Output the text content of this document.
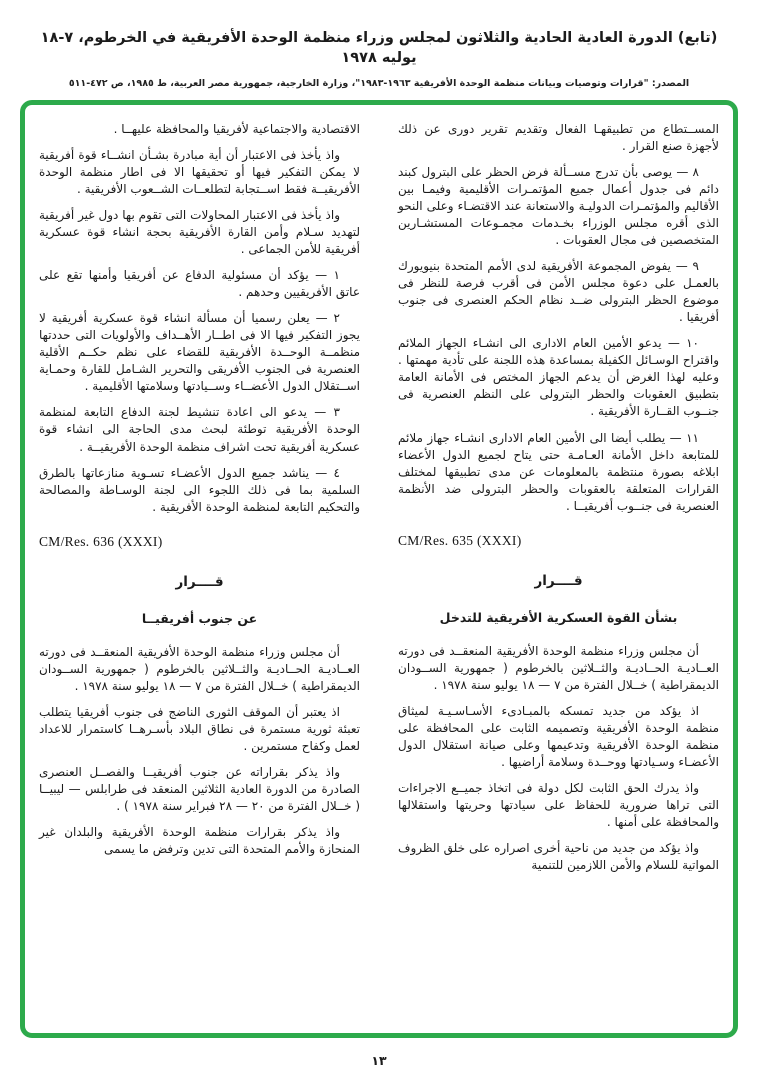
(تابع) الدورة العادية الحادية والثلاثون لمجلس وزراء منظمة الوحدة الأفريقية في الخرطوم، ٧-١٨ يوليه ١٩٧٨
المصدر: "قرارات وتوصيات وبيانات منظمة الوحدة الأفريقية ١٩٦٣-١٩٨٣"، وزارة الخارجية، جمهورية مصر العربية، ط ١٩٨٥، ص ٤٧٢-٥١١

المســتطاع من تطبيقهـا الفعال وتقديم تقرير دورى عن ذلك لأجهزة صنع القرار .

٨ — يوصى بأن تدرج مســألة فرض الحظر على البترول كبند دائم فى جدول أعمال جميع المؤتمـرات الأقليمية وفيمـا بين الأقاليم والمؤتمـرات الدوليـة والاستعانة عند الاقتضـاء وعلى النحو الذى أقره مجلس الوزراء بخـدمات مجمـوعات المستشـارين المتخصصين فى مجال العقوبات .

٩ — يفوض المجموعة الأفريقية لدى الأمم المتحدة بنيويورك بالعمـل على دعوة مجلس الأمن فى أقرب فرصة للنظر فى موضوع الحظر البترولى ضــد نظام الحكم العنصرى فى جنوب أفريقيا .

١٠ — يدعو الأمين العام الادارى الى انشـاء الجهاز الملائم واقتراح الوسـائل الكفيلة بمساعدة هذه اللجنة على تأدية مهمتها . وعليه لهذا الغرض أن يدعم الجهاز المختص فى الأمانة العامة بتطبيق العقوبات والحظر البترولى على النظم العنصرية فى جنــوب القــارة الأفريقية .

١١ — يطلب أيضا الى الأمين العام الادارى انشـاء جهاز ملائم للمتابعة داخل الأمانة العـامـة حتى يتاح لجميع الدول الأعضاء ابلاغه بصورة منتظمة بالمعلومات عن مدى تطبيقها لمختلف القرارات المتعلقة بالعقوبات والحظر البترولى ضد الأنظمة العنصرية فى جنــوب أفريقيــا .

CM/Res. 635 (XXXI)
قــــرار
بشأن القوة العسكرية الأفريقية للتدخل

أن مجلس وزراء منظمة الوحدة الأفريقية المنعقــد فى دورته العــاديـة الحــاديـة والثــلاثين بالخرطوم ( جمهورية الســودان الديمقراطية ) خــلال الفترة من ٧ — ١٨ يوليو سنة ١٩٧٨ .

اذ يؤكد من جديد تمسكه بالمبـادىء الأسـاسـيـة لميثاق منظمة الوحدة الأفريقية وتصميمه الثابت على المحافظة على منظمة الوحدة الأفريقية وتدعيمها وعلى صيانة استقلال الدول الأعضـاء وسـيادتها ووحــدة وسلامة أراضيها .

واذ يدرك الحق الثابت لكل دولة فى اتخاذ جميــع الاجراءات التى تراها ضرورية للحفاظ على سيادتها وحريتها واستقلالها والمحافظة على أمنها .

واذ يؤكد من جديد من ناحية أخرى اصراره على خلق الظروف المواتية للسلام والأمن اللازمين للتنمية

الاقتصادية والاجتماعية لأفريقيا والمحافظة عليهــا .

واذ يأخذ فى الاعتبار أن أية مبادرة بشـأن انشــاء قوة أفريقية لا يمكن التفكير فيها أو تحقيقها الا فى اطار منظمة الوحدة الأفريقيــة فقط اســتجابة لتطلعــات الشــعوب الأفريقية .

واذ يأخذ فى الاعتبار المحاولات التى تقوم بها دول غير أفريقية لتهديد سـلام وأمن القارة الأفريقية بحجة انشاء قوة عسكرية أفريقية للأمن الجماعى .

١ — يؤكد أن مسئولية الدفاع عن أفريقيا وأمنها تقع على عاتق الأفريقيين وحدهم .

٢ — يعلن رسميا أن مسألة انشاء قوة عسكرية أفريقية لا يجوز التفكير فيها الا فى اطــار الأهــداف والأولويات التى حددتها منظمــة الوحــدة الأفريقية للقضاء على نظم حكــم الأقلية العنصرية فى الجنوب الأفريقى والتحرير الشـامل للقارة وحمـاية اســتقلال الدول الأعضــاء وســيادتها وسلامتها الأقليمية .

٣ — يدعو الى اعادة تنشيط لجنة الدفاع التابعة لمنظمة الوحدة الأفريقية توطئة لبحث مدى الحاجة الى انشاء قوة عسكرية أفريقية تحت اشراف منظمة الوحدة الأفريقيــة .

٤ — يناشد جميع الدول الأعضـاء تسـوية منازعاتها بالطرق السلمية بما فى ذلك اللجوء الى لجنة الوسـاطة والمصالحة والتحكيم التابعة لمنظمة الوحدة الأفريقية .

CM/Res. 636 (XXXI)
قــــرار
عن جنوب أفريقيــا

أن مجلس وزراء منظمة الوحدة الأفريقية المنعقــد فى دورته العــاديـة الحــاديـة والثــلاثين بالخرطوم ( جمهورية الســودان الديمقراطية ) خــلال الفترة من ٧ — ١٨ يوليو سنة ١٩٧٨ .

اذ يعتبر أن الموقف الثورى الناضج فى جنوب أفريقيا يتطلب تعبئة ثورية مستمرة فى نطاق البلاد بأسـرهــا كاستمرار للاعداد لعمل وكفاح مستمرين .

واذ يذكر بقراراته عن جنوب أفريقيــا والفصــل العنصرى الصادرة من الدورة العادية الثلاثين المنعقد فى طرابلس — ليبيــا ( خــلال الفترة من ٢٠ — ٢٨ فبراير سنة ١٩٧٨ ) .

واذ يذكر بقرارات منظمة الوحدة الأفريقية والبلدان غير المنحازة والأمم المتحدة التى تدين وترفض ما يسمى

١٣
